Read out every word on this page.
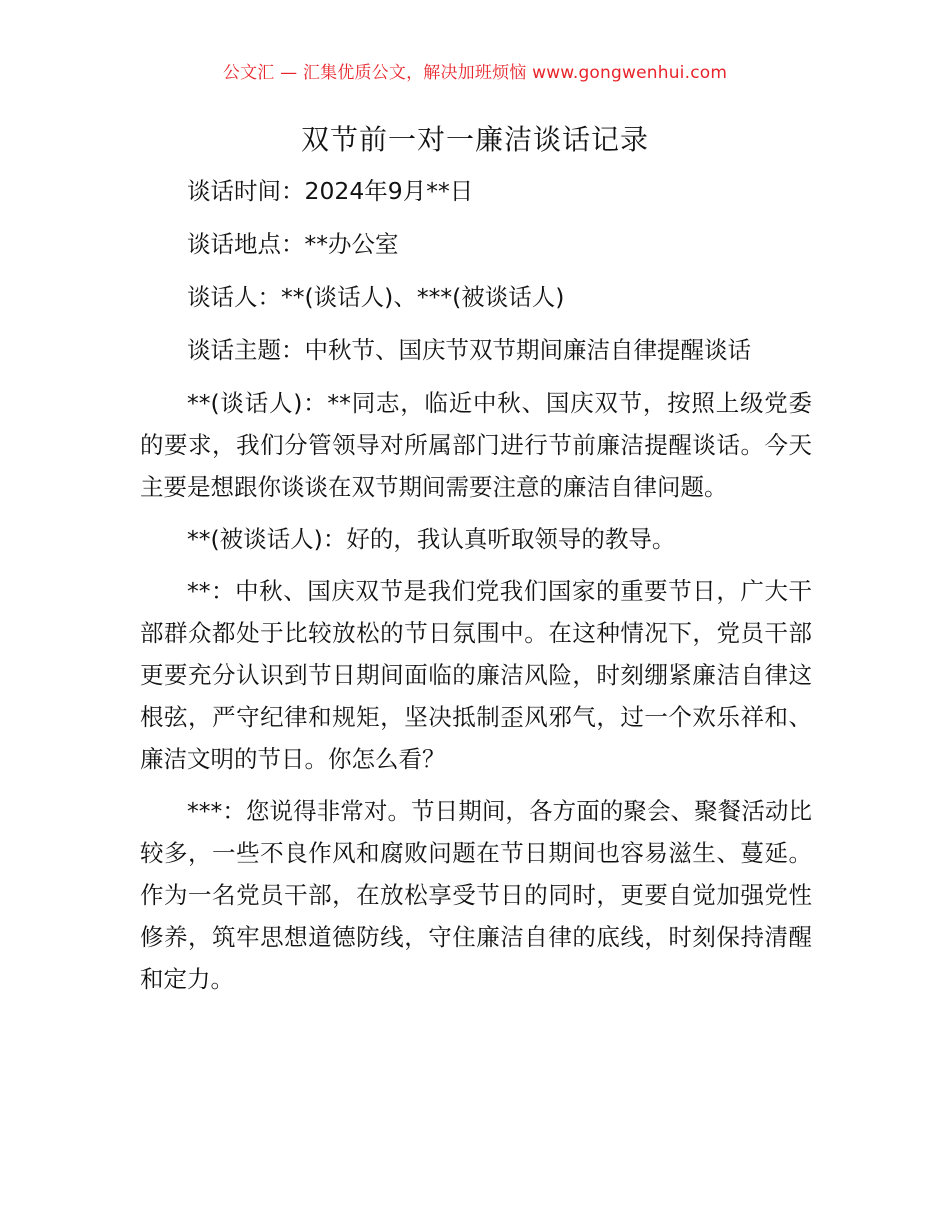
公文汇 — 汇集优质公文，解决加班烦恼 www.gongwenhui.com
双节前一对一廉洁谈话记录

谈话时间：2024年9月**日

谈话地点：**办公室

谈话人：**(谈话人)、***(被谈话人)

谈话主题：中秋节、国庆节双节期间廉洁自律提醒谈话

**(谈话人)：**同志，临近中秋、国庆双节，按照上级党委的要求，我们分管领导对所属部门进行节前廉洁提醒谈话。今天主要是想跟你谈谈在双节期间需要注意的廉洁自律问题。

**(被谈话人)：好的，我认真听取领导的教导。

**：中秋、国庆双节是我们党我们国家的重要节日，广大干部群众都处于比较放松的节日氛围中。在这种情况下，党员干部更要充分认识到节日期间面临的廉洁风险，时刻绷紧廉洁自律这根弦，严守纪律和规矩，坚决抵制歪风邪气，过一个欢乐祥和、廉洁文明的节日。你怎么看？

***：您说得非常对。节日期间，各方面的聚会、聚餐活动比较多，一些不良作风和腐败问题在节日期间也容易滋生、蔓延。作为一名党员干部，在放松享受节日的同时，更要自觉加强党性修养，筑牢思想道德防线，守住廉洁自律的底线，时刻保持清醒和定力。
